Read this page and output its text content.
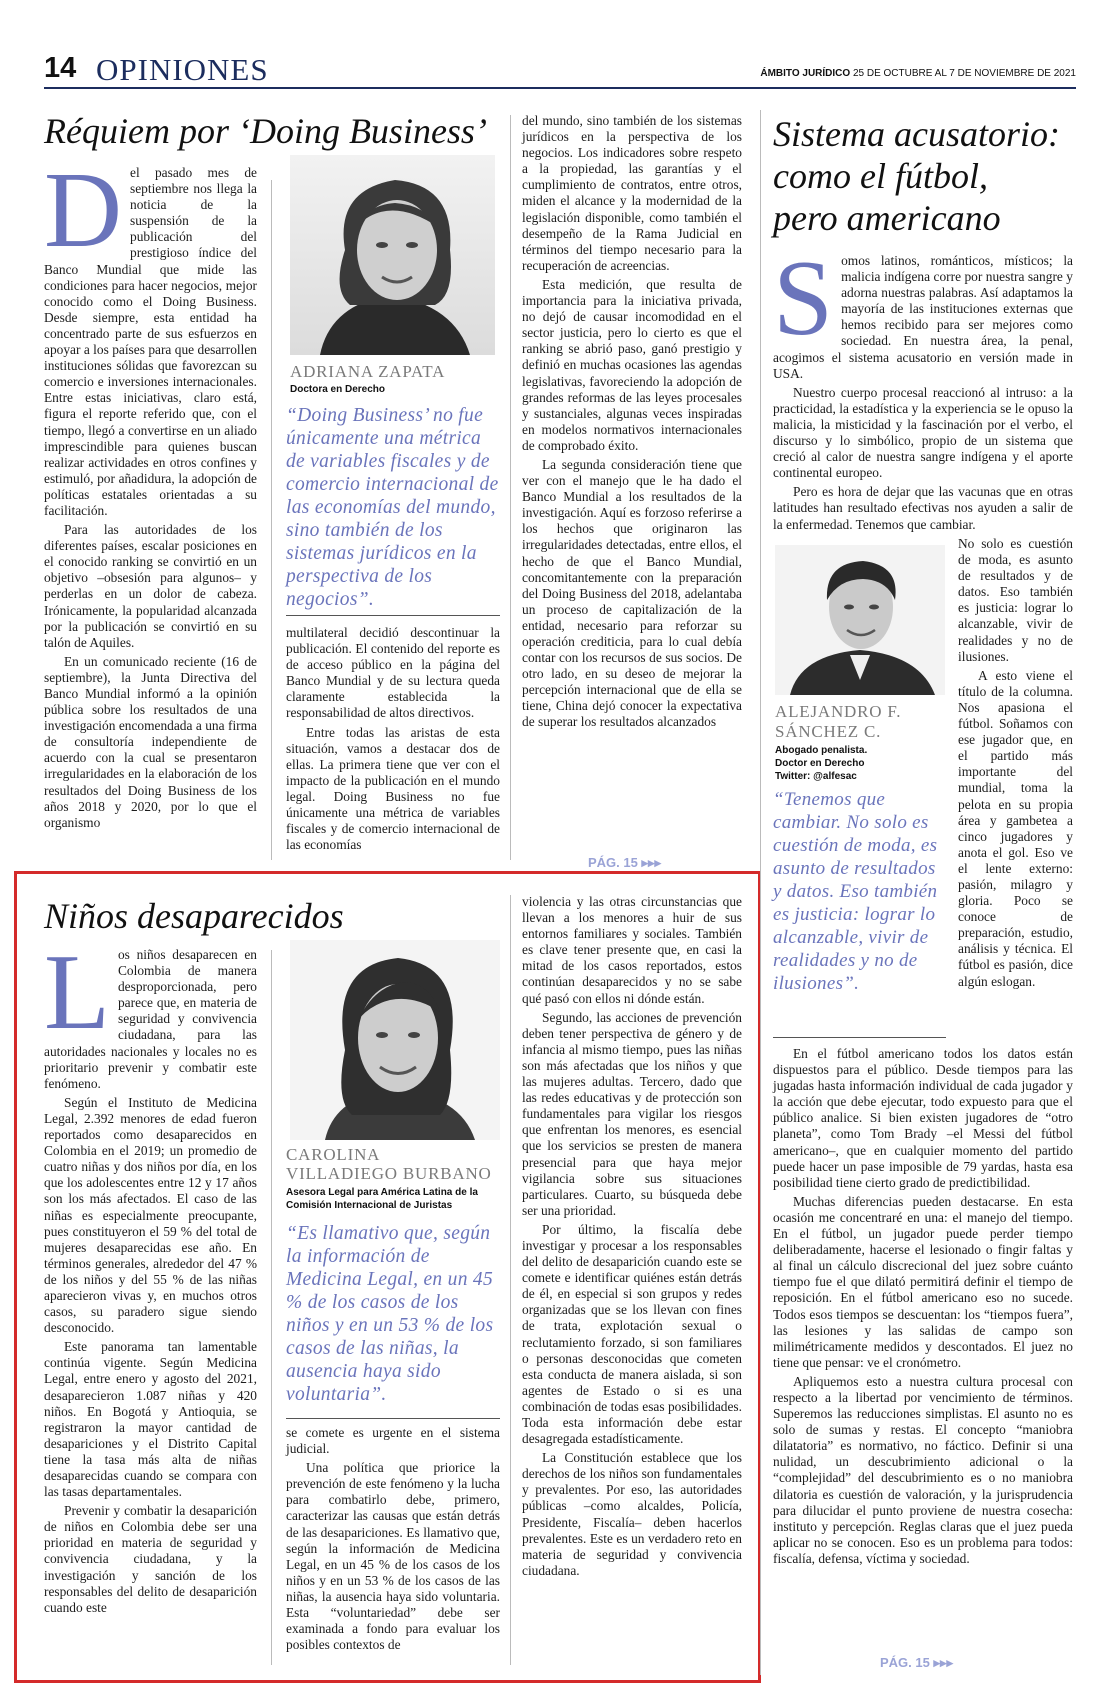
14 OPINIONES	ÁMBITO JURÍDICO 25 DE OCTUBRE AL 7 DE NOVIEMBRE DE 2021
Réquiem por ‘Doing Business’
D el pasado mes de septiembre nos llega la noticia de la suspensión de la publicación del prestigioso índice del Banco Mundial que mide las condiciones para hacer negocios, mejor conocido como el Doing Business. Desde siempre, esta entidad ha concentrado parte de sus esfuerzos en apoyar a los países para que desarrollen instituciones sólidas que favorezcan su comercio e inversiones internacionales. Entre estas iniciativas, claro está, figura el reporte referido que, con el tiempo, llegó a convertirse en un aliado imprescindible para quienes buscan realizar actividades en otros confines y estimuló, por añadidura, la adopción de políticas estatales orientadas a su facilitación.

Para las autoridades de los diferentes países, escalar posiciones en el conocido ranking se convirtió en un objetivo –obsesión para algunos– y perderlas en un dolor de cabeza. Irónicamente, la popularidad alcanzada por la publicación se convirtió en su talón de Aquiles.

En un comunicado reciente (16 de septiembre), la Junta Directiva del Banco Mundial informó a la opinión pública sobre los resultados de una investigación encomendada a una firma de consultoría independiente de acuerdo con la cual se presentaron irregularidades en la elaboración de los resultados del Doing Business de los años 2018 y 2020, por lo que el organismo

ADRIANA ZAPATA
Doctora en Derecho
“Doing Business’ no fue únicamente una métrica de variables fiscales y de comercio internacional de las economías del mundo, sino también de los sistemas jurídicos en la perspectiva de los negocios”.

multilateral decidió descontinuar la publicación. El contenido del reporte es de acceso público en la página del Banco Mundial y de su lectura queda claramente establecida la responsabilidad de altos directivos.

Entre todas las aristas de esta situación, vamos a destacar dos de ellas. La primera tiene que ver con el impacto de la publicación en el mundo legal. Doing Business no fue únicamente una métrica de variables fiscales y de comercio internacional de las economías

del mundo, sino también de los sistemas jurídicos en la perspectiva de los negocios. Los indicadores sobre respeto a la propiedad, las garantías y el cumplimiento de contratos, entre otros, miden el alcance y la modernidad de la legislación disponible, como también el desempeño de la Rama Judicial en términos del tiempo necesario para la recuperación de acreencias.

Esta medición, que resulta de importancia para la iniciativa privada, no dejó de causar incomodidad en el sector justicia, pero lo cierto es que el ranking se abrió paso, ganó prestigio y definió en muchas ocasiones las agendas legislativas, favoreciendo la adopción de grandes reformas de las leyes procesales y sustanciales, algunas veces inspiradas en modelos normativos internacionales de comprobado éxito.

La segunda consideración tiene que ver con el manejo que le ha dado el Banco Mundial a los resultados de la investigación. Aquí es forzoso referirse a los hechos que originaron las irregularidades detectadas, entre ellos, el hecho de que el Banco Mundial, concomitantemente con la preparación del Doing Business del 2018, adelantaba un proceso de capitalización de la entidad, necesario para reforzar su operación crediticia, para lo cual debía contar con los recursos de sus socios. De otro lado, en su deseo de mejorar la percepción internacional que de ella se tiene, China dejó conocer la expectativa de superar los resultados alcanzados

PÁG. 15 ▸▸▸
Niños desaparecidos
L os niños desaparecen en Colombia de manera desproporcionada, pero parece que, en materia de seguridad y convivencia ciudadana, para las autoridades nacionales y locales no es prioritario prevenir y combatir este fenómeno.

Según el Instituto de Medicina Legal, 2.392 menores de edad fueron reportados como desaparecidos en Colombia en el 2019; un promedio de cuatro niñas y dos niños por día, en los que los adolescentes entre 12 y 17 años son los más afectados. El caso de las niñas es especialmente preocupante, pues constituyeron el 59 % del total de mujeres desaparecidas ese año. En términos generales, alrededor del 47 % de los niños y del 55 % de las niñas aparecieron vivas y, en muchos otros casos, su paradero sigue siendo desconocido.

Este panorama tan lamentable continúa vigente. Según Medicina Legal, entre enero y agosto del 2021, desaparecieron 1.087 niñas y 420 niños. En Bogotá y Antioquia, se registraron la mayor cantidad de desapariciones y el Distrito Capital tiene la tasa más alta de niñas desaparecidas cuando se compara con las tasas departamentales.

Prevenir y combatir la desaparición de niños en Colombia debe ser una prioridad en materia de seguridad y convivencia ciudadana, y la investigación y sanción de los responsables del delito de desaparición cuando este

CAROLINA
VILLADIEGO BURBANO
Asesora Legal para América Latina de la Comisión Internacional de Juristas
“Es llamativo que, según la información de Medicina Legal, en un 45 % de los casos de los niños y en un 53 % de los casos de las niñas, la ausencia haya sido voluntaria”.

se comete es urgente en el sistema judicial.

Una política que priorice la prevención de este fenómeno y la lucha para combatirlo debe, primero, caracterizar las causas que están detrás de las desapariciones. Es llamativo que, según la información de Medicina Legal, en un 45 % de los casos de los niños y en un 53 % de los casos de las niñas, la ausencia haya sido voluntaria. Esta “voluntariedad” debe ser examinada a fondo para evaluar los posibles contextos de

violencia y las otras circunstancias que llevan a los menores a huir de sus entornos familiares y sociales. También es clave tener presente que, en casi la mitad de los casos reportados, estos continúan desaparecidos y no se sabe qué pasó con ellos ni dónde están.

Segundo, las acciones de prevención deben tener perspectiva de género y de infancia al mismo tiempo, pues las niñas son más afectadas que los niños y que las mujeres adultas. Tercero, dado que las redes educativas y de protección son fundamentales para vigilar los riesgos que enfrentan los menores, es esencial que los servicios se presten de manera presencial para que haya mejor vigilancia sobre sus situaciones particulares. Cuarto, su búsqueda debe ser una prioridad.

Por último, la fiscalía debe investigar y procesar a los responsables del delito de desaparición cuando este se comete e identificar quiénes están detrás de él, en especial si son grupos y redes organizadas que se los llevan con fines de trata, explotación sexual o reclutamiento forzado, si son familiares o personas desconocidas que cometen esta conducta de manera aislada, si son agentes de Estado o si es una combinación de todas esas posibilidades. Toda esta información debe estar desagregada estadísticamente.

La Constitución establece que los derechos de los niños son fundamentales y prevalentes. Por eso, las autoridades públicas –como alcaldes, Policía, Presidente, Fiscalía– deben hacerlos prevalentes. Este es un verdadero reto en materia de seguridad y convivencia ciudadana.

Sistema acusatorio:
como el fútbol,
pero americano
S omos latinos, románticos, místicos; la malicia indígena corre por nuestra sangre y adorna nuestras palabras. Así adaptamos la mayoría de las instituciones externas que hemos recibido para ser mejores como sociedad. En nuestra área, la penal, acogimos el sistema acusatorio en versión made in USA.

Nuestro cuerpo procesal reaccionó al intruso: a la practicidad, la estadística y la experiencia se le opuso la malicia, la misticidad y la fascinación por el verbo, el discurso y lo simbólico, propio de un sistema que creció al calor de nuestra sangre indígena y el aporte continental europeo.

Pero es hora de dejar que las vacunas que en otras latitudes han resultado efectivas nos ayuden a salir de la enfermedad. Tenemos que cambiar.

ALEJANDRO F.
SÁNCHEZ C.
Abogado penalista.
Doctor en Derecho
Twitter: @alfesac
“Tenemos que cambiar. No solo es cuestión de moda, es asunto de resultados y datos. Eso también es justicia: lograr lo alcanzable, vivir de realidades y no de ilusiones”.

No solo es cuestión de moda, es asunto de resultados y de datos. Eso también es justicia: lograr lo alcanzable, vivir de realidades y no de ilusiones.

A esto viene el título de la columna. Nos apasiona el fútbol. Soñamos con ese jugador que, en el partido más importante del mundial, toma la pelota en su propia área y gambetea a cinco jugadores y anota el gol. Eso ve el lente externo: pasión, milagro y gloria. Poco se conoce de preparación, estudio, análisis y técnica. El fútbol es pasión, dice algún eslogan.

En el fútbol americano todos los datos están dispuestos para el público. Desde tiempos para las jugadas hasta información individual de cada jugador y la acción que debe ejecutar, todo expuesto para que el público analice. Si bien existen jugadores de “otro planeta”, como Tom Brady –el Messi del fútbol americano–, que en cualquier momento del partido puede hacer un pase imposible de 79 yardas, hasta esa posibilidad tiene cierto grado de predictibilidad.

Muchas diferencias pueden destacarse. En esta ocasión me concentraré en una: el manejo del tiempo. En el fútbol, un jugador puede perder tiempo deliberadamente, hacerse el lesionado o fingir faltas y al final un cálculo discrecional del juez sobre cuánto tiempo fue el que dilató permitirá definir el tiempo de reposición. En el fútbol americano eso no sucede. Todos esos tiempos se descuentan: los “tiempos fuera”, las lesiones y las salidas de campo son milimétricamente medidos y descontados. El juez no tiene que pensar: ve el cronómetro.

Apliquemos esto a nuestra cultura procesal con respecto a la libertad por vencimiento de términos. Superemos las reducciones simplistas. El asunto no es solo de sumas y restas. El concepto “maniobra dilatatoria” es normativo, no fáctico. Definir si una nulidad, un descubrimiento adicional o la “complejidad” del descubrimiento es o no maniobra dilatoria es cuestión de valoración, y la jurisprudencia para dilucidar el punto proviene de nuestra cosecha: instituto y percepción. Reglas claras que el juez pueda aplicar no se conocen. Eso es un problema para todos: fiscalía, defensa, víctima y sociedad.

PÁG. 15 ▸▸▸
